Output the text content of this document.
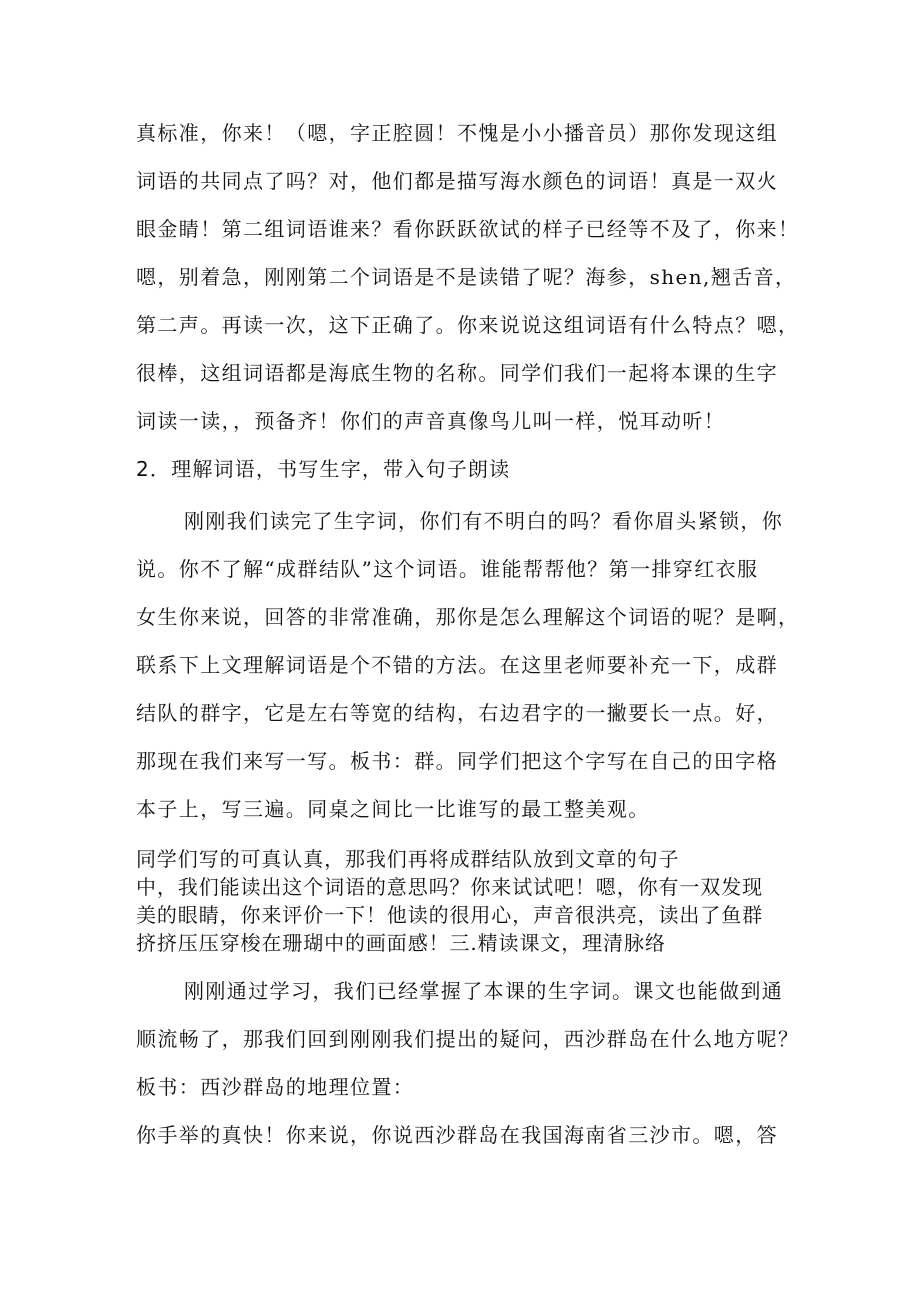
真标准，你来！（嗯，字正腔圆！不愧是小小播音员）那你发现这组
词语的共同点了吗？对，他们都是描写海水颜色的词语！真是一双火
眼金睛！第二组词语谁来？看你跃跃欲试的样子已经等不及了，你来！
嗯，别着急，刚刚第二个词语是不是读错了呢？海参，shen,翘舌音，
第二声。再读一次，这下正确了。你来说说这组词语有什么特点？嗯，
很棒，这组词语都是海底生物的名称。同学们我们一起将本课的生字
词读一读，，预备齐！你们的声音真像鸟儿叫一样，悦耳动听！
2．理解词语，书写生字，带入句子朗读
刚刚我们读完了生字词，你们有不明白的吗？看你眉头紧锁，你
说。你不了解“成群结队”这个词语。谁能帮帮他？第一排穿红衣服
女生你来说，回答的非常准确，那你是怎么理解这个词语的呢？是啊，
联系下上文理解词语是个不错的方法。在这里老师要补充一下，成群
结队的群字，它是左右等宽的结构，右边君字的一撇要长一点。好，
那现在我们来写一写。板书：群。同学们把这个字写在自己的田字格
本子上，写三遍。同桌之间比一比谁写的最工整美观。
同学们写的可真认真，那我们再将成群结队放到文章的句子
中，我们能读出这个词语的意思吗？你来试试吧！嗯，你有一双发现
美的眼睛，你来评价一下！他读的很用心，声音很洪亮，读出了鱼群
挤挤压压穿梭在珊瑚中的画面感！三.精读课文，理清脉络
刚刚通过学习，我们已经掌握了本课的生字词。课文也能做到通
顺流畅了，那我们回到刚刚我们提出的疑问，西沙群岛在什么地方呢？
板书：西沙群岛的地理位置：
你手举的真快！你来说，你说西沙群岛在我国海南省三沙市。嗯，答
